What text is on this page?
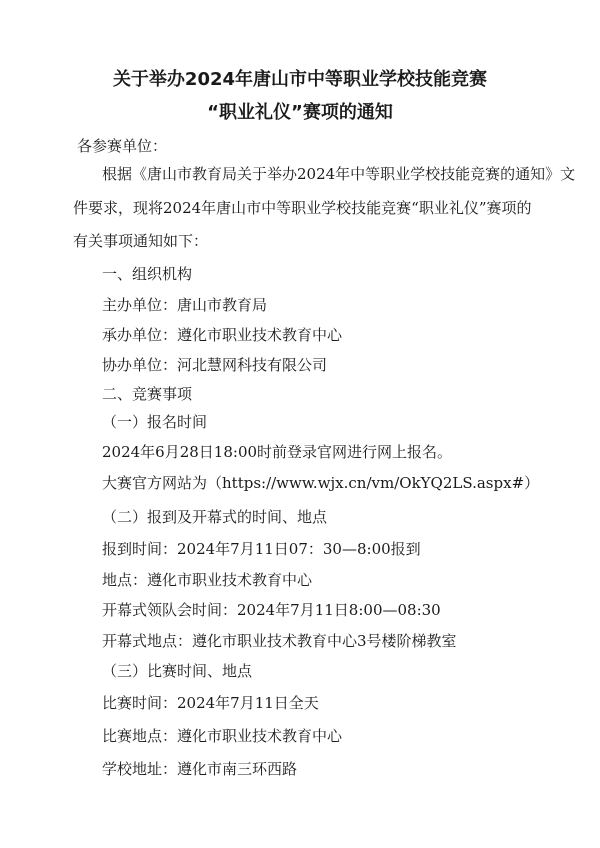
关于举办2024年唐山市中等职业学校技能竞赛
“职业礼仪”赛项的通知
各参赛单位：
根据《唐山市教育局关于举办2024年中等职业学校技能竞赛的通知》文
件要求，现将2024年唐山市中等职业学校技能竞赛“职业礼仪”赛项的
有关事项通知如下：
一、组织机构
主办单位：唐山市教育局
承办单位：遵化市职业技术教育中心
协办单位：河北慧网科技有限公司
二、竞赛事项
（一）报名时间
2024年6月28日18:00时前登录官网进行网上报名。
大赛官方网站为（https://www.wjx.cn/vm/OkYQ2LS.aspx#）
（二）报到及开幕式的时间、地点
报到时间：2024年7月11日07：30—8:00报到
地点：遵化市职业技术教育中心
开幕式领队会时间：2024年7月11日8:00—08:30
开幕式地点：遵化市职业技术教育中心3号楼阶梯教室
（三）比赛时间、地点
比赛时间：2024年7月11日全天
比赛地点：遵化市职业技术教育中心
学校地址：遵化市南三环西路
